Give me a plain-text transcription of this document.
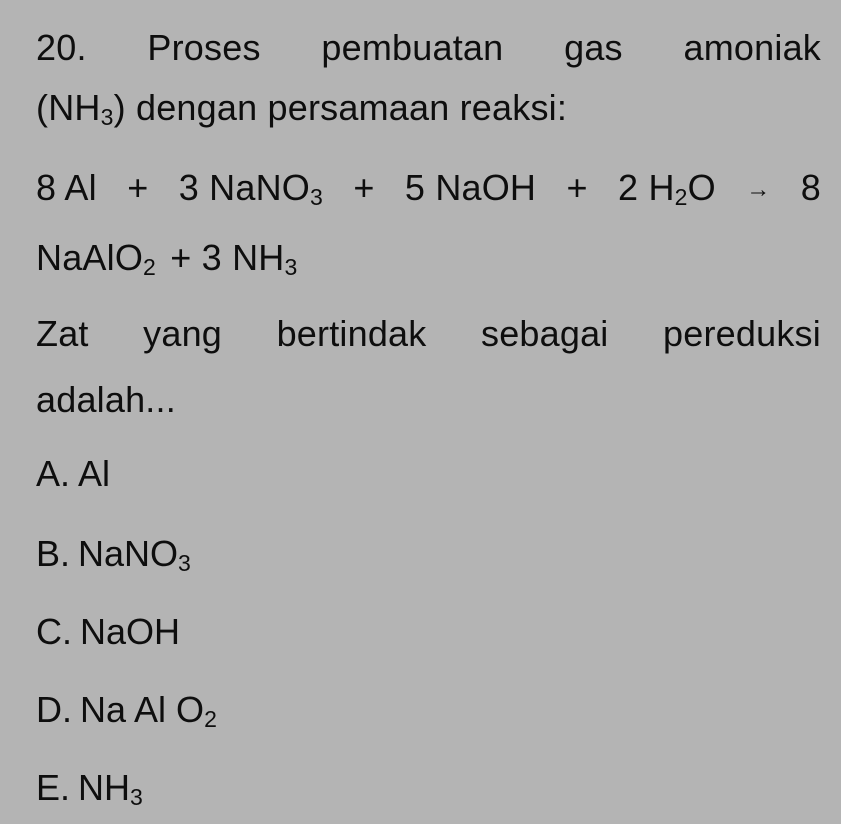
20. Proses pembuatan gas amoniak
$(NH_3)$ dengan persamaan reaksi:
8 Al + 3 NaNO$_3$ + 5 NaOH + 2 $H_2O \to 8$
NaAlO$_2$ + 3 $NH_3$
Zat yang bertindak sebagai pereduksi
adalah...
A. Al
B. NaNO$_3$
C. NaOH
D. Na Al $O_2$
E. $NH_3$
